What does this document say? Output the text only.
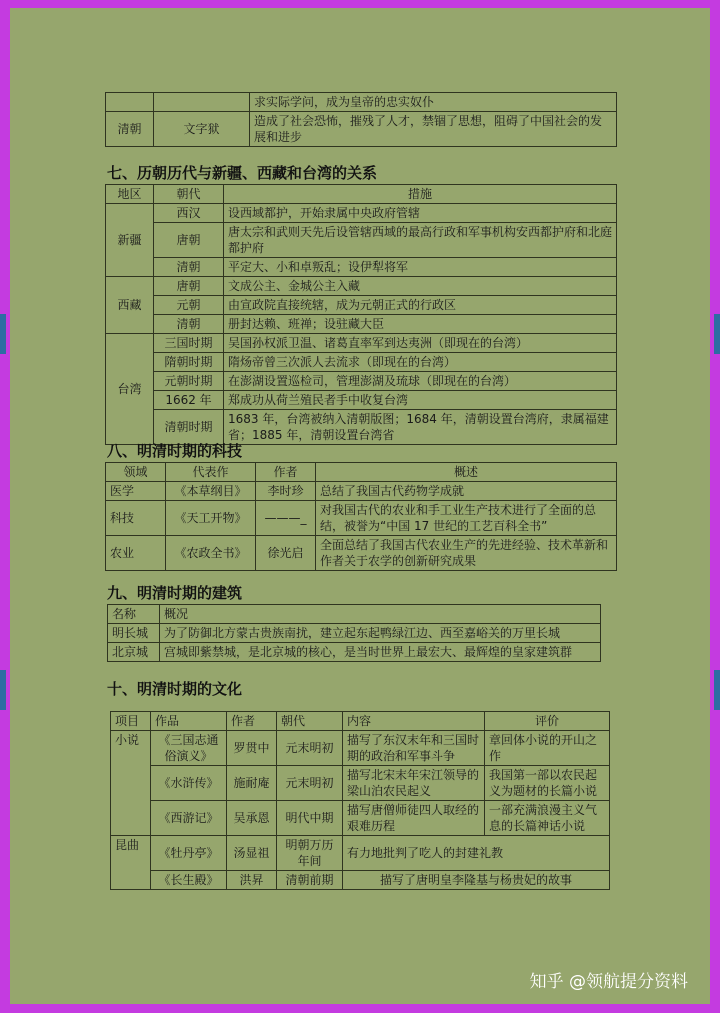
		求实际学问，成为皇帝的忠实奴仆
清朝	文字狱	造成了社会恐怖，摧残了人才，禁锢了思想，阻碍了中国社会的发展和进步
七、历朝历代与新疆、西藏和台湾的关系
地区	朝代	措施
新疆	西汉	设西域都护，开始隶属中央政府管辖
	唐朝	唐太宗和武则天先后设管辖西域的最高行政和军事机构安西都护府和北庭都护府
	清朝	平定大、小和卓叛乱；设伊犁将军
西藏	唐朝	文成公主、金城公主入藏
	元朝	由宣政院直接统辖，成为元朝正式的行政区
	清朝	册封达赖、班禅；设驻藏大臣
台湾	三国时期	吴国孙权派卫温、诸葛直率军到达夷洲（即现在的台湾）
	隋朝时期	隋炀帝曾三次派人去流求（即现在的台湾）
	元朝时期	在澎湖设置巡检司，管理澎湖及琉球（即现在的台湾）
	1662 年	郑成功从荷兰殖民者手中收复台湾
	清朝时期	1683 年，台湾被纳入清朝版图；1684 年，清朝设置台湾府，隶属福建省；1885 年，清朝设置台湾省
八、明清时期的科技
领域	代表作	作者	概述
医学	《本草纲目》	李时珍	总结了我国古代药物学成就
科技	《天工开物》	———_	对我国古代的农业和手工业生产技术进行了全面的总结，被誉为“中国 17 世纪的工艺百科全书”
农业	《农政全书》	徐光启	全面总结了我国古代农业生产的先进经验、技术革新和作者关于农学的创新研究成果
九、明清时期的建筑
名称	概况
明长城	为了防御北方蒙古贵族南扰，建立起东起鸭绿江边、西至嘉峪关的万里长城
北京城	宫城即紫禁城，是北京城的核心，是当时世界上最宏大、最辉煌的皇家建筑群
十、明清时期的文化
项目	作品	作者	朝代	内容	评价
小说	《三国志通俗演义》	罗贯中	元末明初	描写了东汉末年和三国时期的政治和军事斗争	章回体小说的开山之作
	《水浒传》	施耐庵	元末明初	描写北宋末年宋江领导的梁山泊农民起义	我国第一部以农民起义为题材的长篇小说
	《西游记》	吴承恩	明代中期	描写唐僧师徒四人取经的艰难历程	一部充满浪漫主义气息的长篇神话小说
昆曲	《牡丹亭》	汤显祖	明朝万历年间	有力地批判了吃人的封建礼教	
	《长生殿》	洪昇	清朝前期	描写了唐明皇李隆基与杨贵妃的故事	
知乎 @领航提分资料
